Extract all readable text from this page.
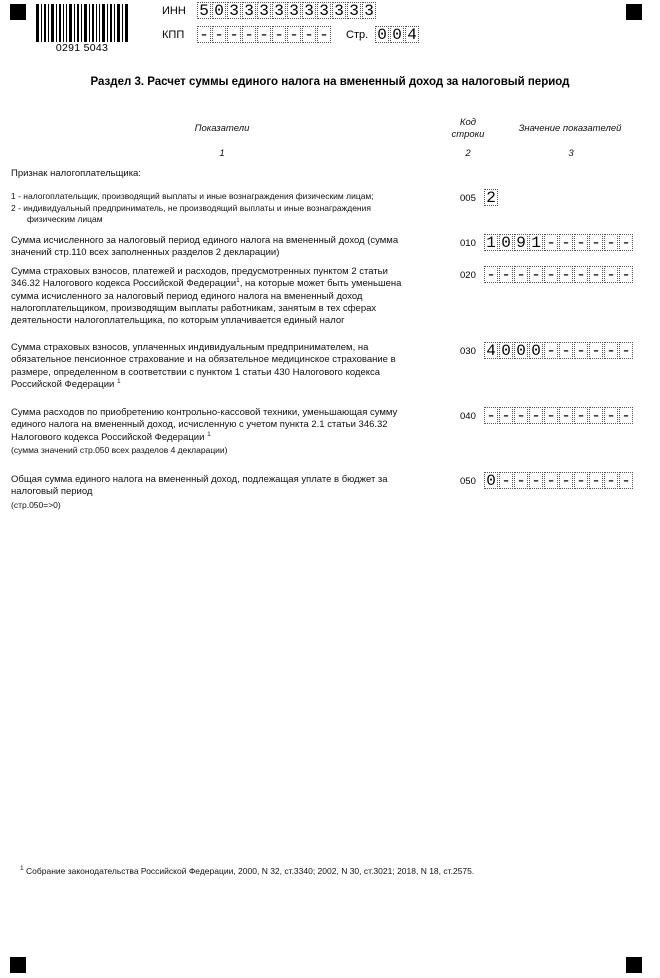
0291 5043
ИНН 5 0 3 3 3 3 3 3 3 3 3 3
КПП - - - - - - - - - Стр. 0 0 4
Раздел 3. Расчет суммы единого налога на вмененный доход за налоговый период
Показатели
Код
строки
Значение показателей
1	2	3
Признак налогоплательщика:
1 - налогоплательщик, производящий выплаты и иные вознаграждения физическим лицам;
2 - индивидуальный предприниматель, не производящий выплаты и иные вознаграждения
физическим лицам
005 2
Сумма исчисленного за налоговый период единого налога на вмененный доход (сумма
значений стр.110 всех заполненных разделов 2 декларации)
010 1 0 9 1 - - - - - -
Сумма страховых взносов, платежей и расходов, предусмотренных пунктом 2 статьи
346.32 Налогового кодекса Российской Федерации$^1$, на которые может быть уменьшена
сумма исчисленного за налоговый период единого налога на вмененный доход
налогоплательщиком, производящим выплаты работникам, занятым в тех сферах
деятельности налогоплательщика, по которым уплачивается единый налог
020 - - - - - - - - - -
Сумма страховых взносов, уплаченных индивидуальным предпринимателем, на
обязательное пенсионное страхование и на обязательное медицинское страхование в
размере, определенном в соответствии с пунктом 1 статьи 430 Налогового кодекса
Российской Федерации $^1$
030 4 0 0 0 - - - - - -
Сумма расходов по приобретению контрольно-кассовой техники, уменьшающая сумму
единого налога на вмененный доход, исчисленную с учетом пункта 2.1 статьи 346.32
Налогового кодекса Российской Федерации $^1$
(сумма значений стр.050 всех разделов 4 декларации)
040 - - - - - - - - - -
Общая сумма единого налога на вмененный доход, подлежащая уплате в бюджет за
налоговый период
(стр.050=>0)
050 0 - - - - - - - - -
$^1$ Собрание законодательства Российской Федерации, 2000, N 32, ст.3340; 2002, N 30, ст.3021; 2018, N 18, ст.2575.
